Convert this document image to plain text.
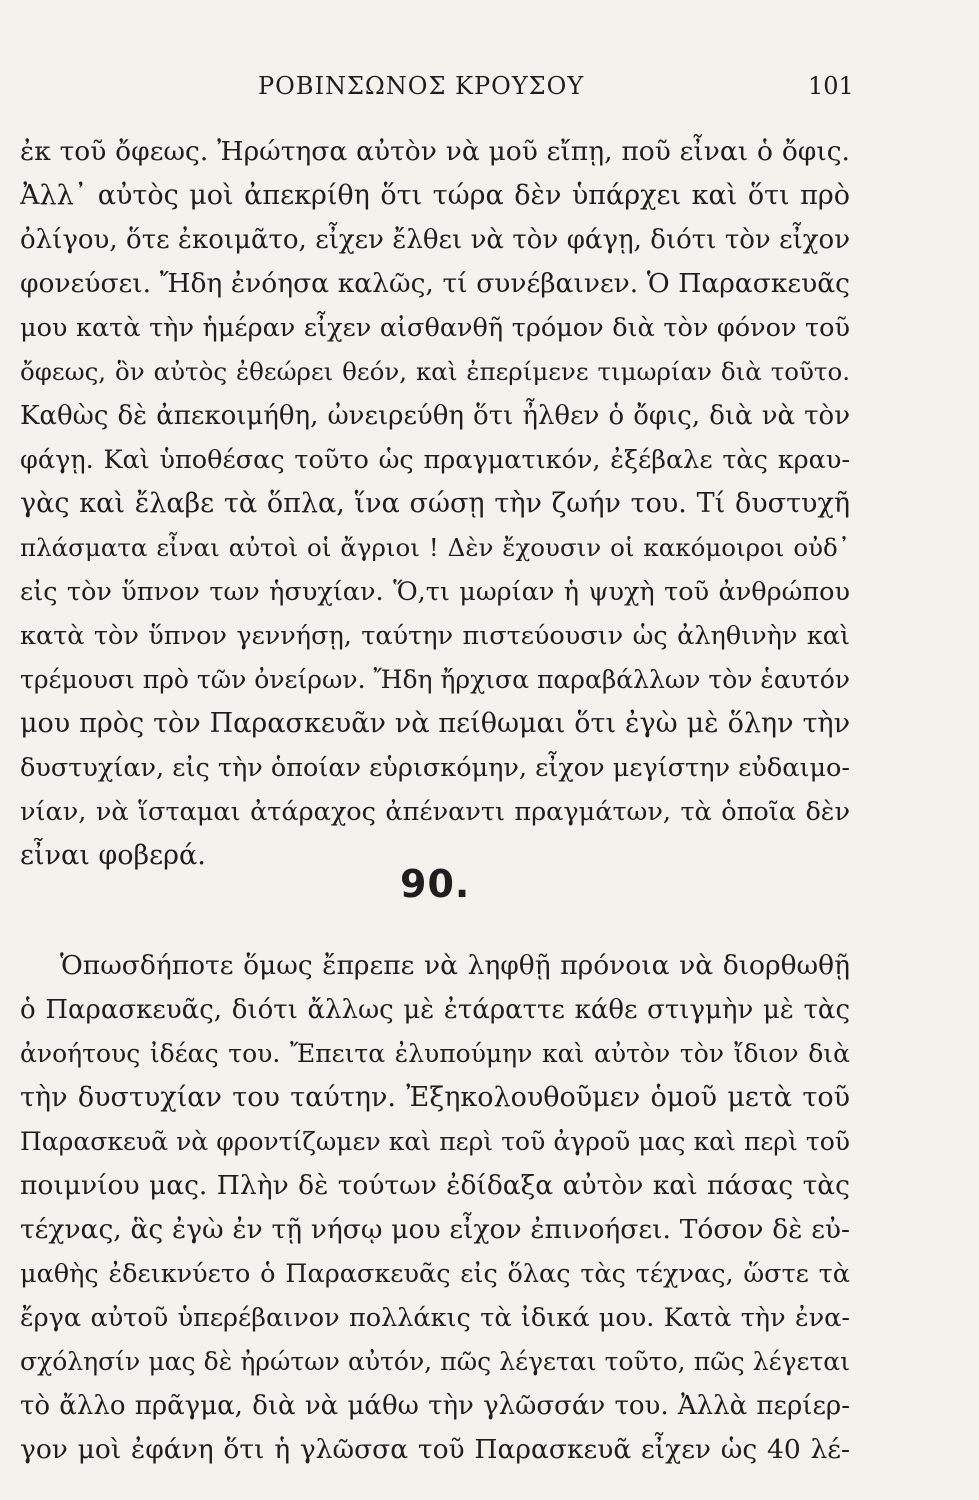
ΡΟΒΙΝΣΩΝΟΣ ΚΡΟΥΣΟΥ	101
ἐκ τοῦ ὄφεως. Ἠρώτησα αὐτὸν νὰ μοῦ εἴπῃ, ποῦ εἶναι ὁ ὄφις.
Ἀλλ᾽ αὐτὸς μοὶ ἀπεκρίθη ὅτι τώρα δὲν ὑπάρχει καὶ ὅτι πρὸ
ὀλίγου, ὅτε ἐκοιμᾶτο, εἶχεν ἔλθει νὰ τὸν φάγῃ, διότι τὸν εἶχον
φονεύσει. Ἤδη ἐνόησα καλῶς, τί συνέβαινεν. Ὁ Παρασκευᾶς
μου κατὰ τὴν ἡμέραν εἶχεν αἰσθανθῆ τρόμον διὰ τὸν φόνον τοῦ
ὄφεως, ὃν αὐτὸς ἐθεώρει θεόν, καὶ ἐπερίμενε τιμωρίαν διὰ τοῦτο.
Καθὼς δὲ ἀπεκοιμήθη, ὠνειρεύθη ὅτι ἦλθεν ὁ ὄφις, διὰ νὰ τὸν
φάγῃ. Καὶ ὑποθέσας τοῦτο ὡς πραγματικόν, ἐξέβαλε τὰς κραυ-
γὰς καὶ ἔλαβε τὰ ὅπλα, ἵνα σώσῃ τὴν ζωήν του. Τί δυστυχῆ
πλάσματα εἶναι αὐτοὶ οἱ ἄγριοι ! Δὲν ἔχουσιν οἱ κακόμοιροι οὐδ᾽
εἰς τὸν ὕπνον των ἡσυχίαν. Ὅ,τι μωρίαν ἡ ψυχὴ τοῦ ἀνθρώπου
κατὰ τὸν ὕπνον γεννήσῃ, ταύτην πιστεύουσιν ὡς ἀληθινὴν καὶ
τρέμουσι πρὸ τῶν ὀνείρων. Ἤδη ἤρχισα παραβάλλων τὸν ἑαυτόν
μου πρὸς τὸν Παρασκευᾶν νὰ πείθωμαι ὅτι ἐγὼ μὲ ὅλην τὴν
δυστυχίαν, εἰς τὴν ὁποίαν εὑρισκόμην, εἶχον μεγίστην εὐδαιμο-
νίαν, νὰ ἵσταμαι ἀτάραχος ἀπέναντι πραγμάτων, τὰ ὁποῖα δὲν
εἶναι φοβερά.
90.
Ὁπωσδήποτε ὅμως ἔπρεπε νὰ ληφθῇ πρόνοια νὰ διορθωθῇ
ὁ Παρασκευᾶς, διότι ἄλλως μὲ ἐτάραττε κάθε στιγμὴν μὲ τὰς
ἀνοήτους ἰδέας του. Ἔπειτα ἐλυπούμην καὶ αὐτὸν τὸν ἴδιον διὰ
τὴν δυστυχίαν του ταύτην. Ἐξηκολουθοῦμεν ὁμοῦ μετὰ τοῦ
Παρασκευᾶ νὰ φροντίζωμεν καὶ περὶ τοῦ ἀγροῦ μας καὶ περὶ τοῦ
ποιμνίου μας. Πλὴν δὲ τούτων ἐδίδαξα αὐτὸν καὶ πάσας τὰς
τέχνας, ἃς ἐγὼ ἐν τῇ νήσῳ μου εἶχον ἐπινοήσει. Τόσον δὲ εὐ-
μαθὴς ἐδεικνύετο ὁ Παρασκευᾶς εἰς ὅλας τὰς τέχνας, ὥστε τὰ
ἔργα αὐτοῦ ὑπερέβαινον πολλάκις τὰ ἰδικά μου. Κατὰ τὴν ἐνα-
σχόλησίν μας δὲ ἠρώτων αὐτόν, πῶς λέγεται τοῦτο, πῶς λέγεται
τὸ ἄλλο πρᾶγμα, διὰ νὰ μάθω τὴν γλῶσσάν του. Ἀλλὰ περίερ-
γον μοὶ ἐφάνη ὅτι ἡ γλῶσσα τοῦ Παρασκευᾶ εἶχεν ὡς 40 λέ-
